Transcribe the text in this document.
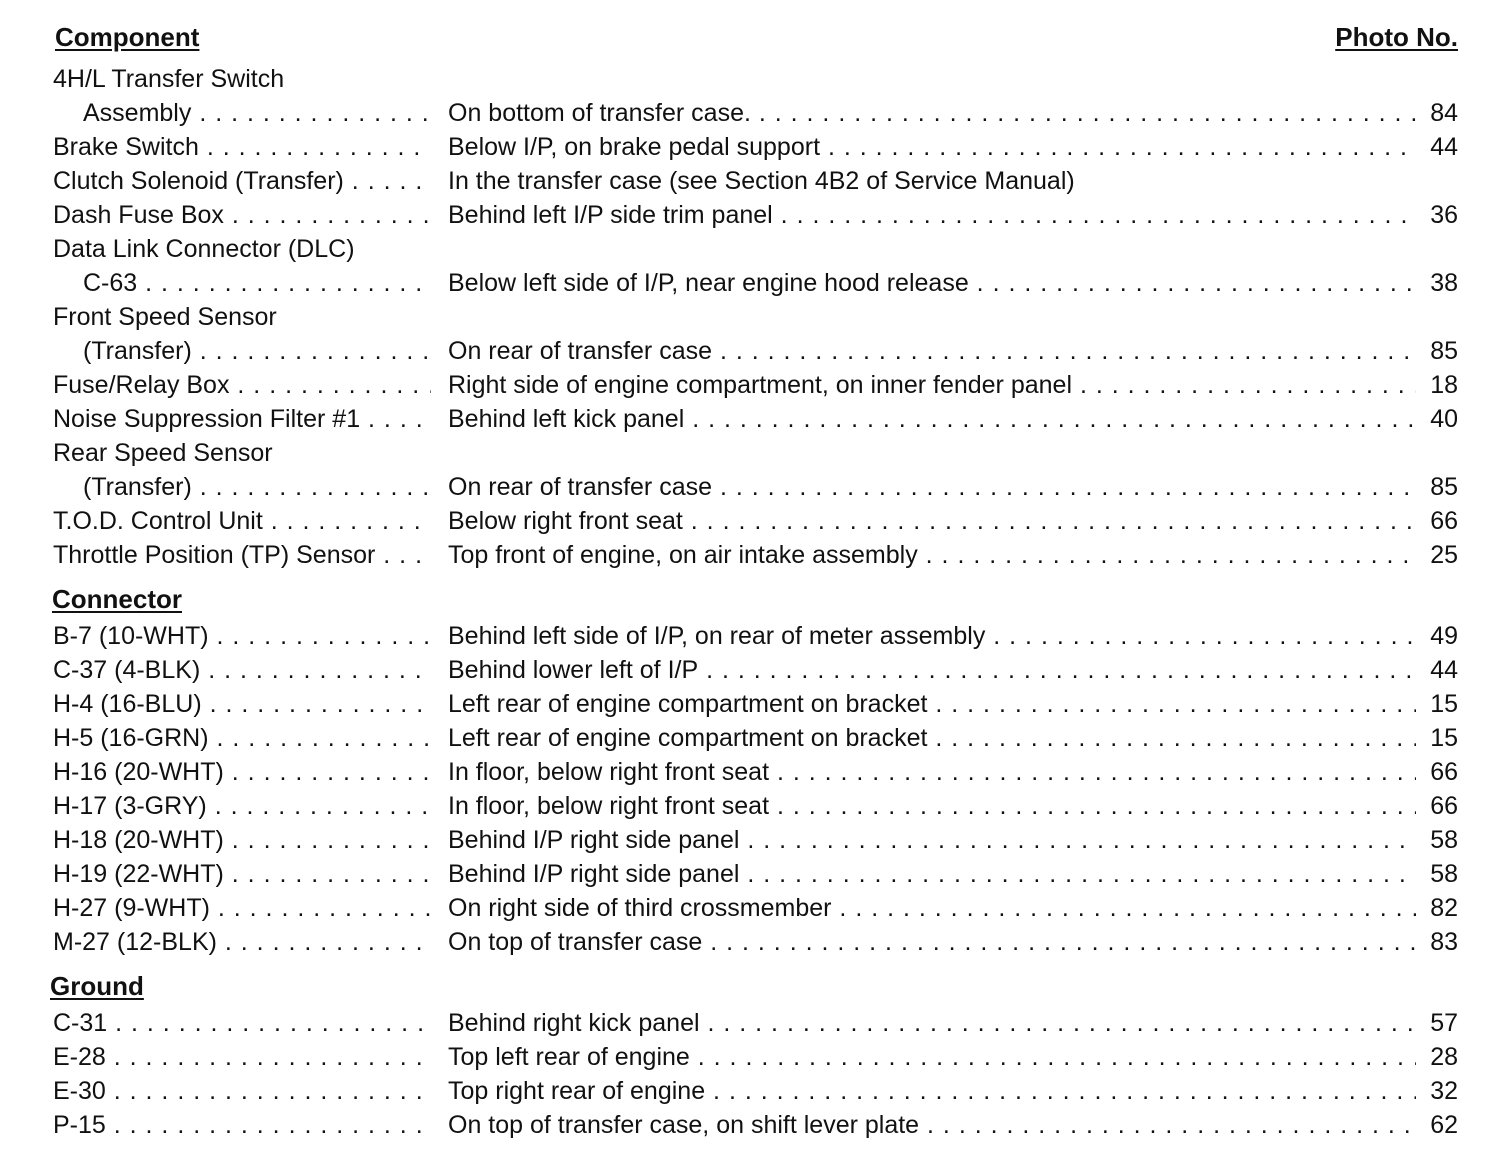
Component	Photo No.
4H/L Transfer Switch
Assembly . . .	On bottom of transfer case. . . .	84
Brake Switch . . .	Below I/P, on brake pedal support . . .	44
Clutch Solenoid (Transfer) . . .	In the transfer case (see Section 4B2 of Service Manual)
Dash Fuse Box . . .	Behind left I/P side trim panel . . .	36
Data Link Connector (DLC)
C-63 . . .	Below left side of I/P, near engine hood release . . .	38
Front Speed Sensor
(Transfer) . . .	On rear of transfer case . . .	85
Fuse/Relay Box . . .	Right side of engine compartment, on inner fender panel . . .	18
Noise Suppression Filter #1 . . .	Behind left kick panel . . .	40
Rear Speed Sensor
(Transfer) . . .	On rear of transfer case . . .	85
T.O.D. Control Unit . . .	Below right front seat . . .	66
Throttle Position (TP) Sensor . . .	Top front of engine, on air intake assembly . . .	25
Connector
B-7 (10-WHT) . . .	Behind left side of I/P, on rear of meter assembly . . .	49
C-37 (4-BLK) . . .	Behind lower left of I/P . . .	44
H-4 (16-BLU) . . .	Left rear of engine compartment on bracket . . .	15
H-5 (16-GRN) . . .	Left rear of engine compartment on bracket . . .	15
H-16 (20-WHT) . . .	In floor, below right front seat . . .	66
H-17 (3-GRY) . . .	In floor, below right front seat . . .	66
H-18 (20-WHT) . . .	Behind I/P right side panel . . .	58
H-19 (22-WHT) . . .	Behind I/P right side panel . . .	58
H-27 (9-WHT) . . .	On right side of third crossmember . . .	82
M-27 (12-BLK) . . .	On top of transfer case . . .	83
Ground
C-31 . . .	Behind right kick panel . . .	57
E-28 . . .	Top left rear of engine . . .	28
E-30 . . .	Top right rear of engine . . .	32
P-15 . . .	On top of transfer case, on shift lever plate . . .	62
